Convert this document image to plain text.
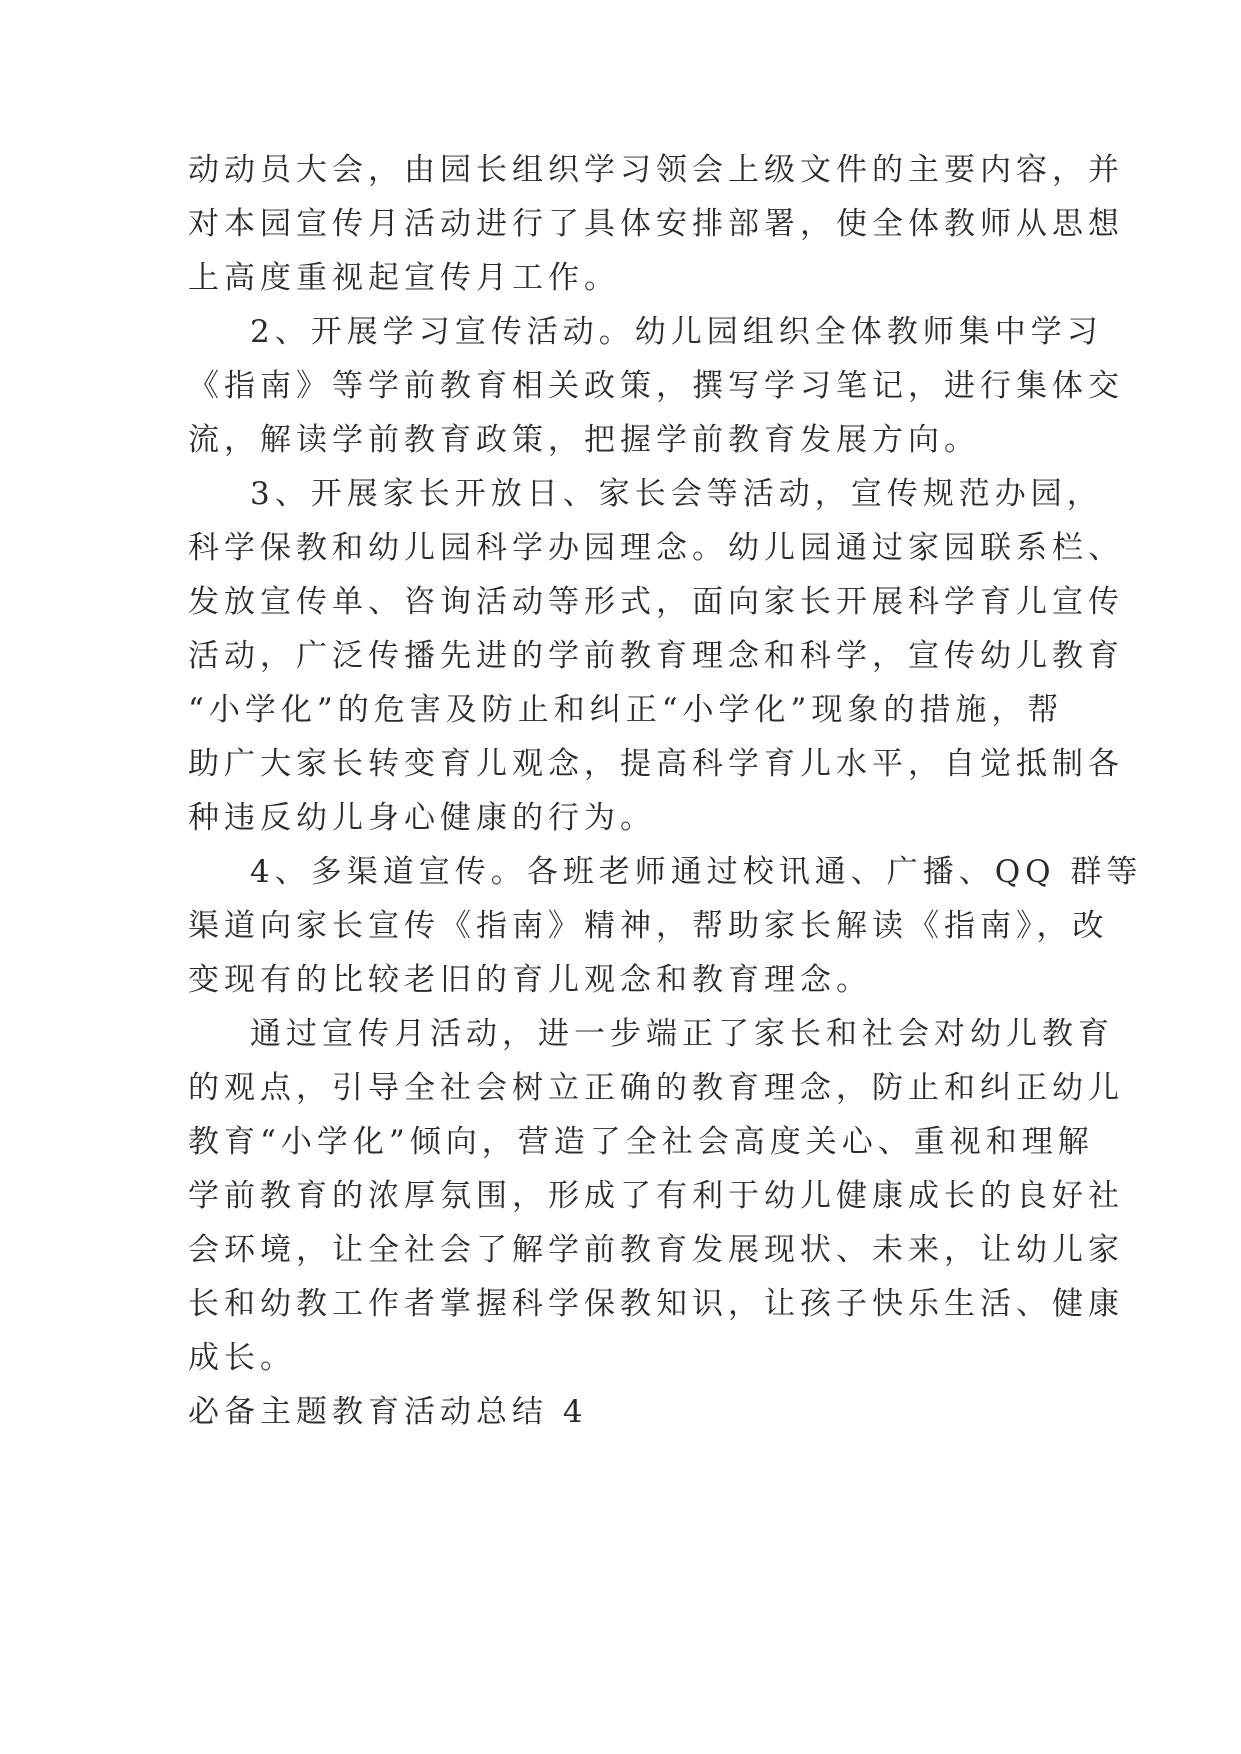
动动员大会，由园长组织学习领会上级文件的主要内容，并
对本园宣传月活动进行了具体安排部署，使全体教师从思想
上高度重视起宣传月工作。
2、开展学习宣传活动。幼儿园组织全体教师集中学习
《指南》等学前教育相关政策，撰写学习笔记，进行集体交
流，解读学前教育政策，把握学前教育发展方向。
3、开展家长开放日、家长会等活动，宣传规范办园，
科学保教和幼儿园科学办园理念。幼儿园通过家园联系栏、
发放宣传单、咨询活动等形式，面向家长开展科学育儿宣传
活动，广泛传播先进的学前教育理念和科学，宣传幼儿教育
“小学化”的危害及防止和纠正“小学化”现象的措施，帮
助广大家长转变育儿观念，提高科学育儿水平，自觉抵制各
种违反幼儿身心健康的行为。
4、多渠道宣传。各班老师通过校讯通、广播、QQ 群等
渠道向家长宣传《指南》精神，帮助家长解读《指南》，改
变现有的比较老旧的育儿观念和教育理念。
通过宣传月活动，进一步端正了家长和社会对幼儿教育
的观点，引导全社会树立正确的教育理念，防止和纠正幼儿
教育“小学化”倾向，营造了全社会高度关心、重视和理解
学前教育的浓厚氛围，形成了有利于幼儿健康成长的良好社
会环境，让全社会了解学前教育发展现状、未来，让幼儿家
长和幼教工作者掌握科学保教知识，让孩子快乐生活、健康
成长。
必备主题教育活动总结 4
